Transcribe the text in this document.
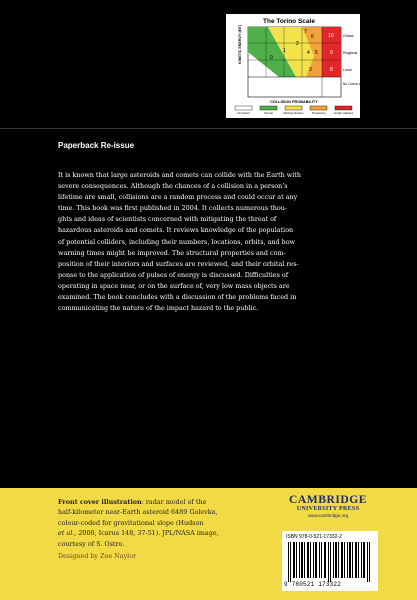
The Torino Scale
0
1
2
3
4
6
7
8
9
10
5
Global
Regional
Local
No Conse-quence
KINETIC ENERGY (MT)
COLLISION PROBABILITY
No hazard	Normal	Meriting attention	Threatening	Certain collisions
Paperback Re-issue
It is known that large asteroids and comets can collide with the Earth with
severe consequences. Although the chances of a collision in a person’s
lifetime are small, collisions are a random process and could occur at any
time. This book was first published in 2004. It collects numerous thou-
ghts and ideas of scientists concerned with mitigating the threat of
hazardous asteroids and comets. It reviews knowledge of the population
of potential colliders, including their numbers, locations, orbits, and how
warning times might be improved. The structural properties and com-
position of their interiors and surfaces are reviewed, and their orbital res-
ponse to the application of pulses of energy is discussed. Difficulties of
operating in space near, or on the surface of, very low mass objects are
examined. The book concludes with a discussion of the problems faced in
communicating the nature of the impact hazard to the public.
Front cover illustration: radar model of the
half-kilometer near-Earth asteroid 6489 Golevka,
colour-coded for gravitational slope (Hudson
et al., 2000, Icarus 148, 37-51). JPL/NASA image,
courtesy of S. Ostro.
Designed by Zoe Naylor
CAMBRIDGE
UNIVERSITY PRESS
www.cambridge.org
ISBN 978-0-521-17332-2
9 780521 173322
